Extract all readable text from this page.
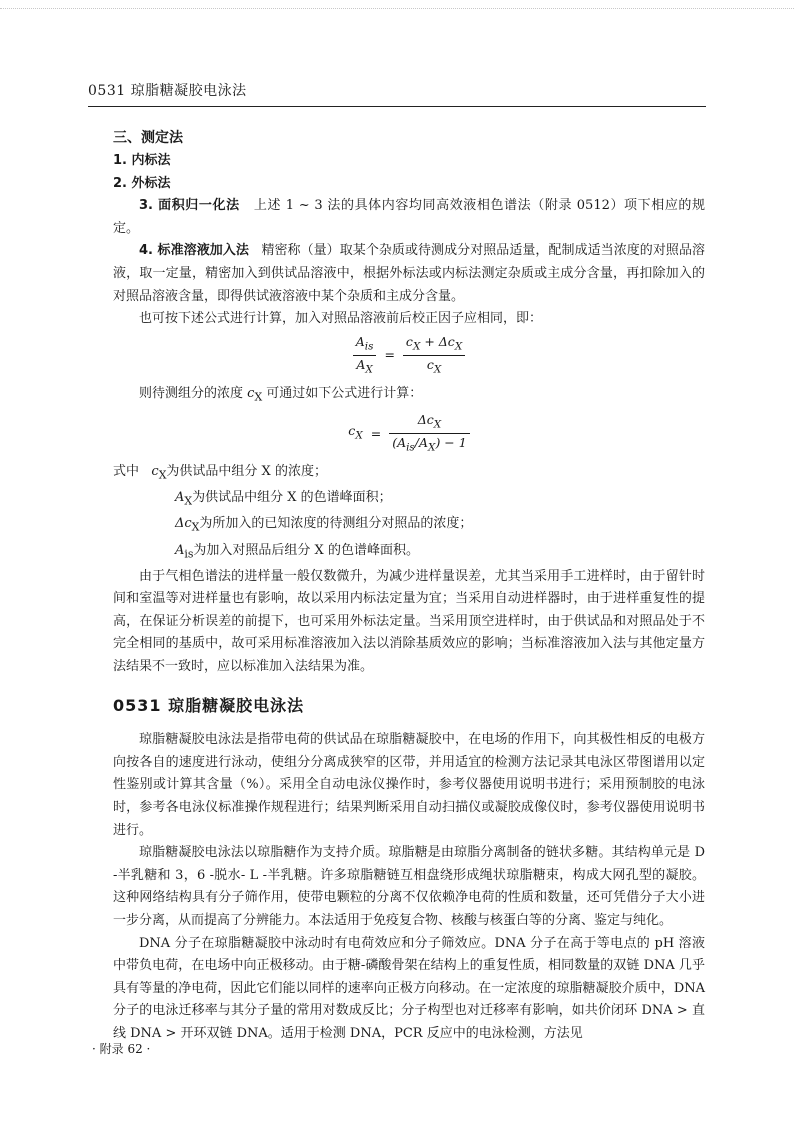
0531 琼脂糖凝胶电泳法

三、测定法

1. 内标法

2. 外标法

3. 面积归一化法 上述 1 ~ 3 法的具体内容均同高效液相色谱法（附录 0512）项下相应的规定。

4. 标准溶液加入法 精密称（量）取某个杂质或待测成分对照品适量，配制成适当浓度的对照品溶液，取一定量，精密加入到供试品溶液中，根据外标法或内标法测定杂质或主成分含量，再扣除加入的对照品溶液含量，即得供试液溶液中某个杂质和主成分含量。

也可按下述公式进行计算，加入对照品溶液前后校正因子应相同，即：

$\frac{A_{is}}{A_X} = \frac{c_X + \Delta c_X}{c_X}$

则待测组分的浓度 $c_X$ 可通过如下公式进行计算：

$c_X = \frac{\Delta c_X}{(A_{is}/A_X) - 1}$

式中 $c_X$为供试品中组分 X 的浓度；

$A_X$为供试品中组分 X 的色谱峰面积；

$\Delta c_X$为所加入的已知浓度的待测组分对照品的浓度；

$A_{is}$为加入对照品后组分 X 的色谱峰面积。

由于气相色谱法的进样量一般仅数微升，为减少进样量误差，尤其当采用手工进样时，由于留针时间和室温等对进样量也有影响，故以采用内标法定量为宜；当采用自动进样器时，由于进样重复性的提高，在保证分析误差的前提下，也可采用外标法定量。当采用顶空进样时，由于供试品和对照品处于不完全相同的基质中，故可采用标准溶液加入法以消除基质效应的影响；当标准溶液加入法与其他定量方法结果不一致时，应以标准加入法结果为准。

0531 琼脂糖凝胶电泳法

琼脂糖凝胶电泳法是指带电荷的供试品在琼脂糖凝胶中，在电场的作用下，向其极性相反的电极方向按各自的速度进行泳动，使组分分离成狭窄的区带，并用适宜的检测方法记录其电泳区带图谱用以定性鉴别或计算其含量（%）。采用全自动电泳仪操作时，参考仪器使用说明书进行；采用预制胶的电泳时，参考各电泳仪标准操作规程进行；结果判断采用自动扫描仪或凝胶成像仪时，参考仪器使用说明书进行。

琼脂糖凝胶电泳法以琼脂糖作为支持介质。琼脂糖是由琼脂分离制备的链状多糖。其结构单元是 D -半乳糖和 3，6 -脱水- L -半乳糖。许多琼脂糖链互相盘绕形成绳状琼脂糖束，构成大网孔型的凝胶。这种网络结构具有分子筛作用，使带电颗粒的分离不仅依赖净电荷的性质和数量，还可凭借分子大小进一步分离，从而提高了分辨能力。本法适用于免疫复合物、核酸与核蛋白等的分离、鉴定与纯化。

DNA 分子在琼脂糖凝胶中泳动时有电荷效应和分子筛效应。DNA 分子在高于等电点的 pH 溶液中带负电荷，在电场中向正极移动。由于糖-磷酸骨架在结构上的重复性质，相同数量的双链 DNA 几乎具有等量的净电荷，因此它们能以同样的速率向正极方向移动。在一定浓度的琼脂糖凝胶介质中，DNA 分子的电泳迁移率与其分子量的常用对数成反比；分子构型也对迁移率有影响，如共价闭环 DNA > 直线 DNA > 开环双链 DNA。适用于检测 DNA，PCR 反应中的电泳检测，方法见

· 附录 62 ·
